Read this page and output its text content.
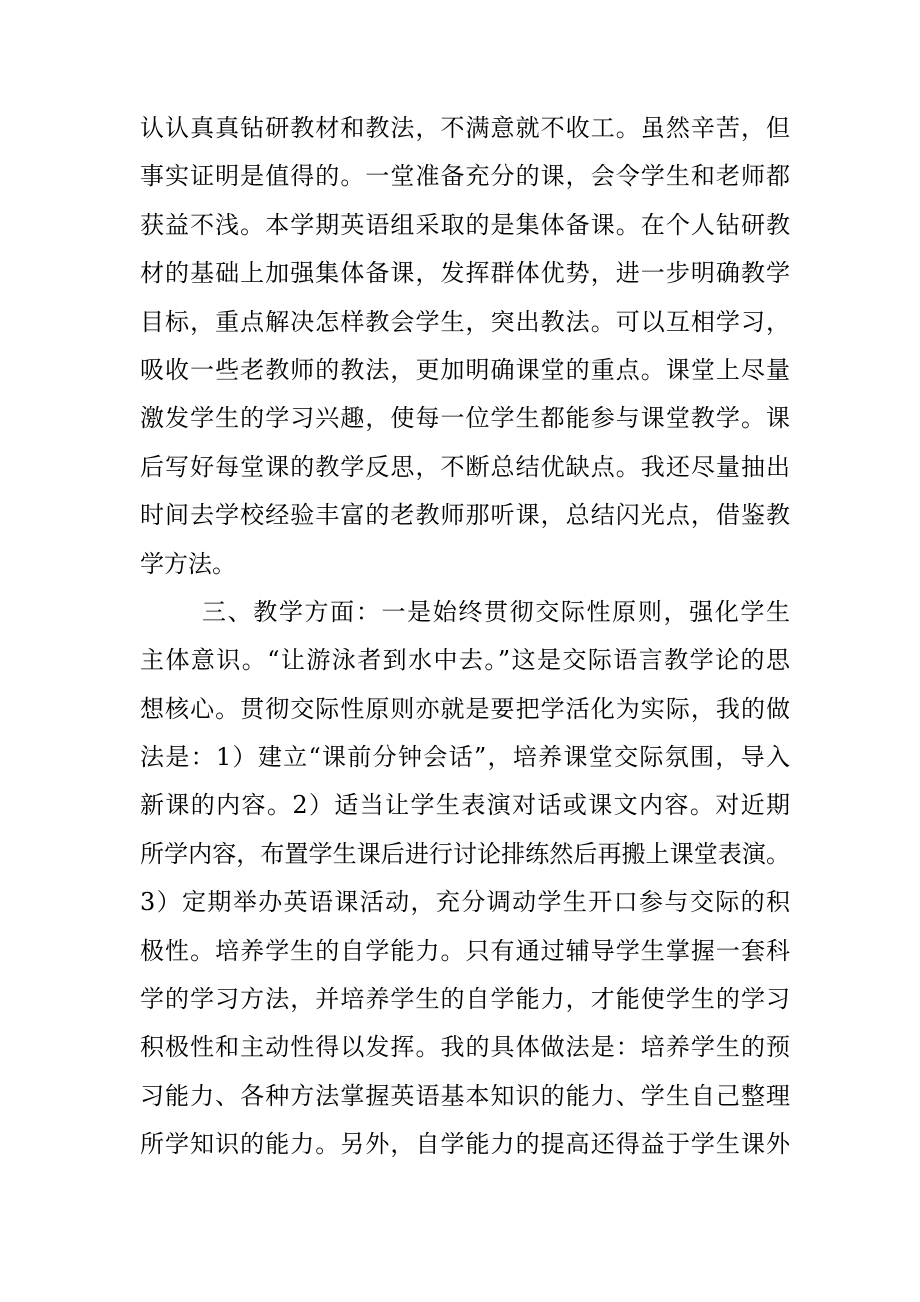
认认真真钻研教材和教法，不满意就不收工。虽然辛苦，但
事实证明是值得的。一堂准备充分的课，会令学生和老师都
获益不浅。本学期英语组采取的是集体备课。在个人钻研教
材的基础上加强集体备课，发挥群体优势，进一步明确教学
目标，重点解决怎样教会学生，突出教法。可以互相学习，
吸收一些老教师的教法，更加明确课堂的重点。课堂上尽量
激发学生的学习兴趣，使每一位学生都能参与课堂教学。课
后写好每堂课的教学反思，不断总结优缺点。我还尽量抽出
时间去学校经验丰富的老教师那听课，总结闪光点，借鉴教
学方法。
三、教学方面：一是始终贯彻交际性原则，强化学生
主体意识。“让游泳者到水中去。”这是交际语言教学论的思
想核心。贯彻交际性原则亦就是要把学活化为实际，我的做
法是：1）建立“课前分钟会话”，培养课堂交际氛围，导入
新课的内容。2）适当让学生表演对话或课文内容。对近期
所学内容，布置学生课后进行讨论排练然后再搬上课堂表演。
3）定期举办英语课活动，充分调动学生开口参与交际的积
极性。培养学生的自学能力。只有通过辅导学生掌握一套科
学的学习方法，并培养学生的自学能力，才能使学生的学习
积极性和主动性得以发挥。我的具体做法是：培养学生的预
习能力、各种方法掌握英语基本知识的能力、学生自己整理
所学知识的能力。另外，自学能力的提高还得益于学生课外
